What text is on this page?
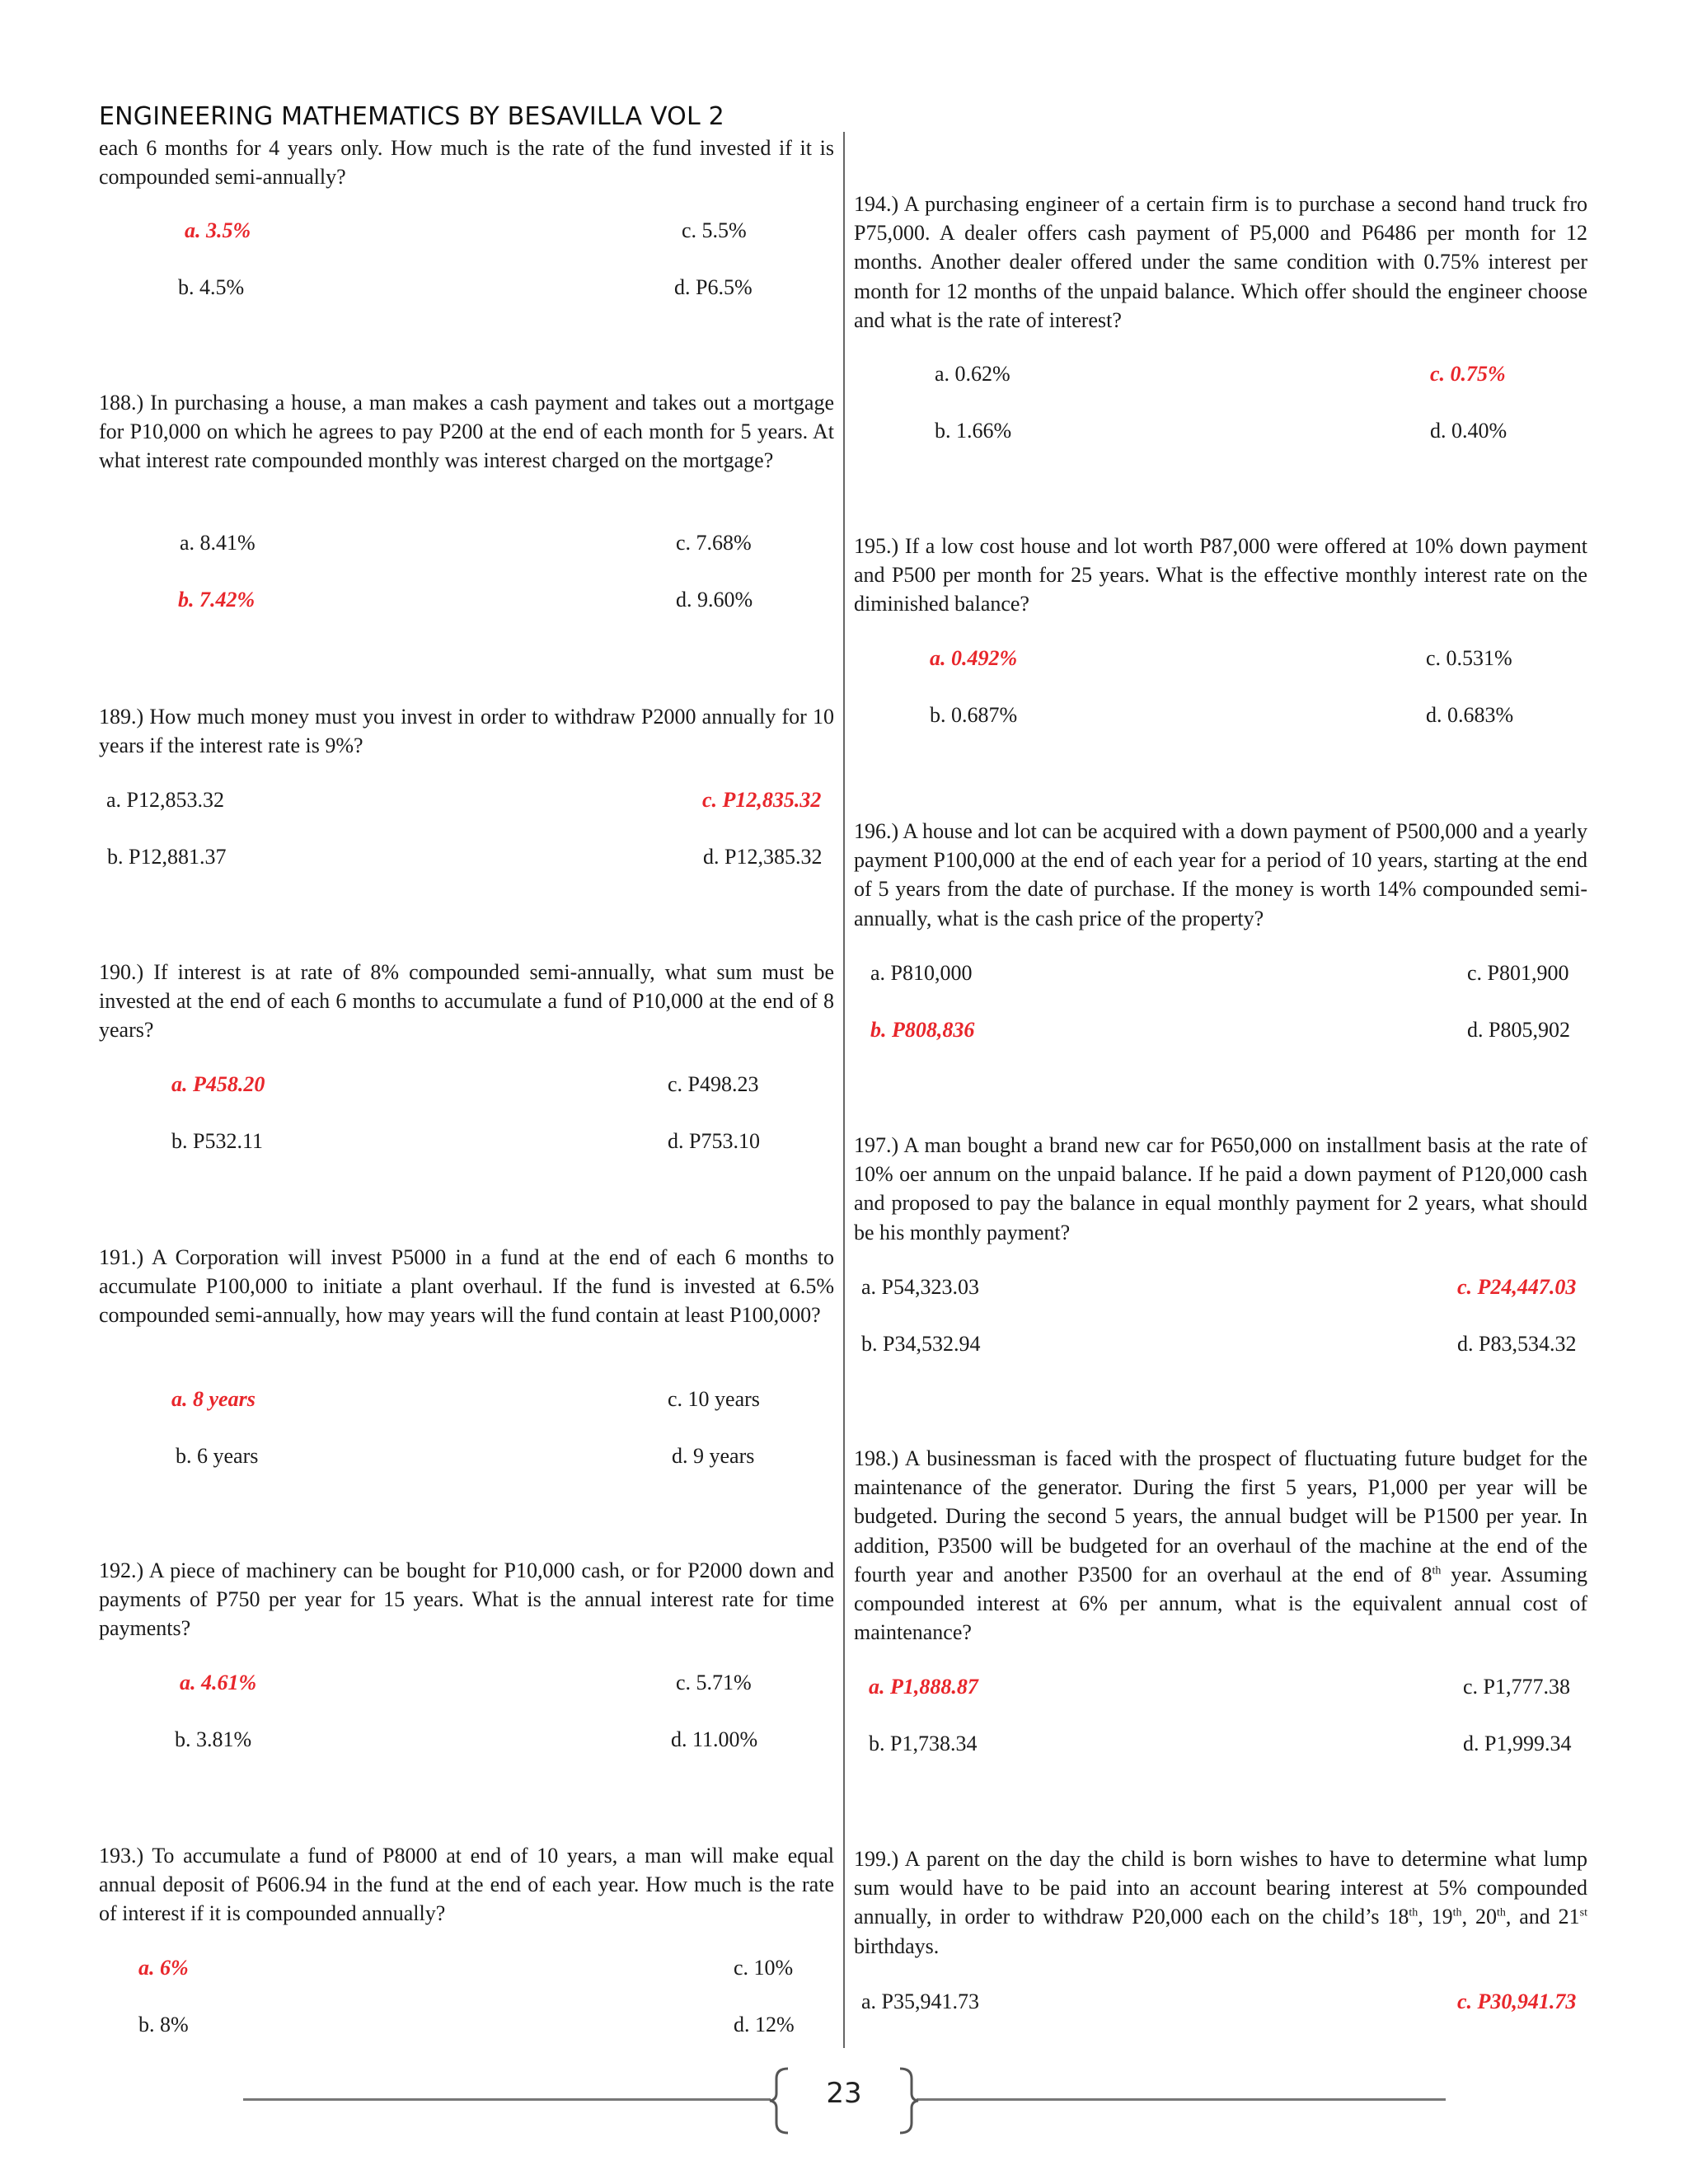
ENGINEERING MATHEMATICS BY BESAVILLA VOL 2

each 6 months for 4 years only. How much is the rate of the fund invested if it is compounded semi-annually?

a. 3.5%
b. 4.5%
c. 5.5%
d. P6.5%

188.) In purchasing a house, a man makes a cash payment and takes out a mortgage for P10,000 on which he agrees to pay P200 at the end of each month for 5 years. At what interest rate compounded monthly was interest charged on the mortgage?

a. 8.41%
b. 7.42%
c. 7.68%
d. 9.60%

189.) How much money must you invest in order to withdraw P2000 annually for 10 years if the interest rate is 9%?

a. P12,853.32
b. P12,881.37
c. P12,835.32
d. P12,385.32

190.) If interest is at rate of 8% compounded semi-annually, what sum must be invested at the end of each 6 months to accumulate a fund of P10,000 at the end of 8 years?

a. P458.20
b. P532.11
c. P498.23
d. P753.10

191.) A Corporation will invest P5000 in a fund at the end of each 6 months to accumulate P100,000 to initiate a plant overhaul. If the fund is invested at 6.5% compounded semi-annually, how may years will the fund contain at least P100,000?

a. 8 years
b. 6 years
c. 10 years
d. 9 years

192.) A piece of machinery can be bought for P10,000 cash, or for P2000 down and payments of P750 per year for 15 years. What is the annual interest rate for time payments?

a. 4.61%
b. 3.81%
c. 5.71%
d. 11.00%

193.) To accumulate a fund of P8000 at end of 10 years, a man will make equal annual deposit of P606.94 in the fund at the end of each year. How much is the rate of interest if it is compounded annually?

a. 6%
b. 8%
c. 10%
d. 12%

194.) A purchasing engineer of a certain firm is to purchase a second hand truck fro P75,000. A dealer offers cash payment of P5,000 and P6486 per month for 12 months. Another dealer offered under the same condition with 0.75% interest per month for 12 months of the unpaid balance. Which offer should the engineer choose and what is the rate of interest?

a. 0.62%
b. 1.66%
c. 0.75%
d. 0.40%

195.) If a low cost house and lot worth P87,000 were offered at 10% down payment and P500 per month for 25 years. What is the effective monthly interest rate on the diminished balance?

a. 0.492%
b. 0.687%
c. 0.531%
d. 0.683%

196.) A house and lot can be acquired with a down payment of P500,000 and a yearly payment P100,000 at the end of each year for a period of 10 years, starting at the end of 5 years from the date of purchase. If the money is worth 14% compounded semi-annually, what is the cash price of the property?

a. P810,000
b. P808,836
c. P801,900
d. P805,902

197.) A man bought a brand new car for P650,000 on installment basis at the rate of 10% oer annum on the unpaid balance. If he paid a down payment of P120,000 cash and proposed to pay the balance in equal monthly payment for 2 years, what should be his monthly payment?

a. P54,323.03
b. P34,532.94
c. P24,447.03
d. P83,534.32

198.) A businessman is faced with the prospect of fluctuating future budget for the maintenance of the generator. During the first 5 years, P1,000 per year will be budgeted. During the second 5 years, the annual budget will be P1500 per year. In addition, P3500 will be budgeted for an overhaul of the machine at the end of the fourth year and another P3500 for an overhaul at the end of 8th year. Assuming compounded interest at 6% per annum, what is the equivalent annual cost of maintenance?

a. P1,888.87
b. P1,738.34
c. P1,777.38
d. P1,999.34

199.) A parent on the day the child is born wishes to have to determine what lump sum would have to be paid into an account bearing interest at 5% compounded annually, in order to withdraw P20,000 each on the child’s 18th, 19th, 20th, and 21st birthdays.

a. P35,941.73	c. P30,941.73
23
